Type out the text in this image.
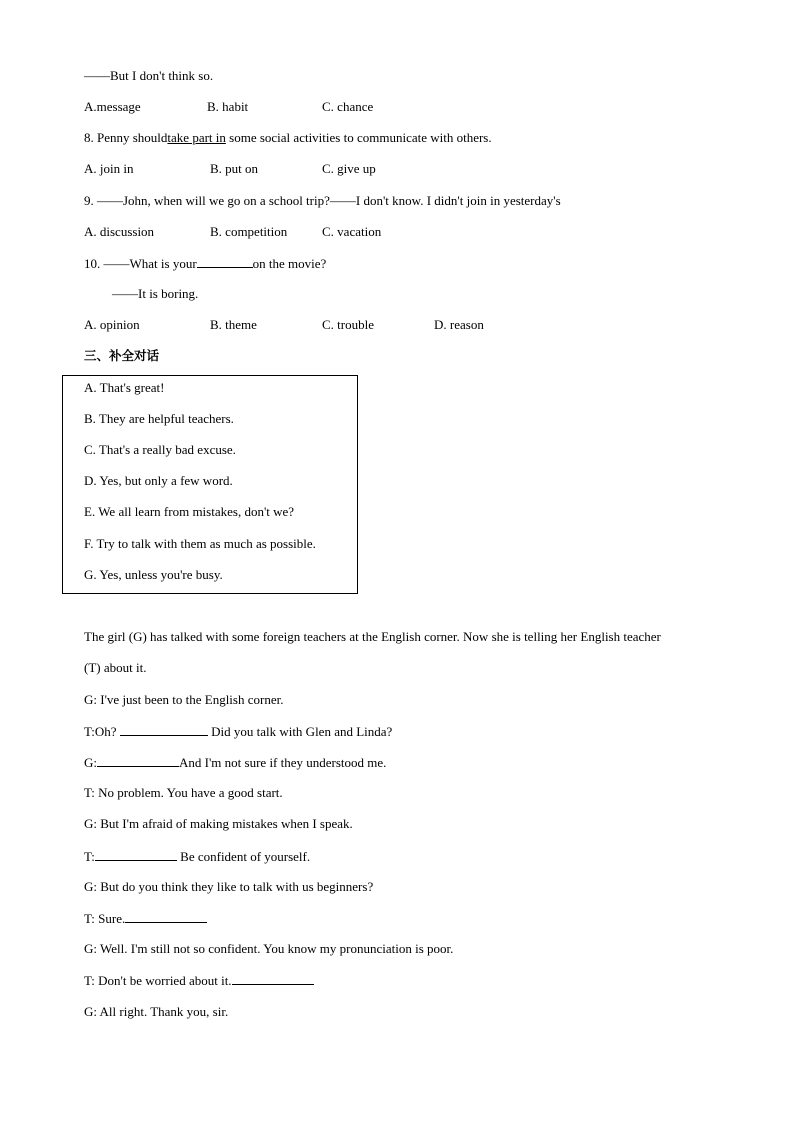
——But I don't think so.
A.message	B. habit	C. chance
8. Penny shouldtake part in some social activities to communicate with others.
A. join in	B. put on	C. give up
9. ——John, when will we go on a school trip?——I don't know. I didn't join in yesterday's
A. discussion	B. competition	C. vacation
10. ——What is your	on the movie?
——It is boring.
A. opinion	B. theme	C. trouble	D. reason
三、补全对话
A. That's great!
B. They are helpful teachers.
C. That's a really bad excuse.
D. Yes, but only a few word.
E. We all learn from mistakes, don't we?
F. Try to talk with them as much as possible.
G. Yes, unless you're busy.
The girl (G) has talked with some foreign teachers at the English corner. Now she is telling her English teacher
(T) about it.
G: I've just been to the English corner.
T:Oh?	Did you talk with Glen and Linda?
G:	And I'm not sure if they understood me.
T: No problem. You have a good start.
G: But I'm afraid of making mistakes when I speak.
T:	Be confident of yourself.
G: But do you think they like to talk with us beginners?
T: Sure.
G: Well. I'm still not so confident. You know my pronunciation is poor.
T: Don't be worried about it.
G: All right. Thank you, sir.
